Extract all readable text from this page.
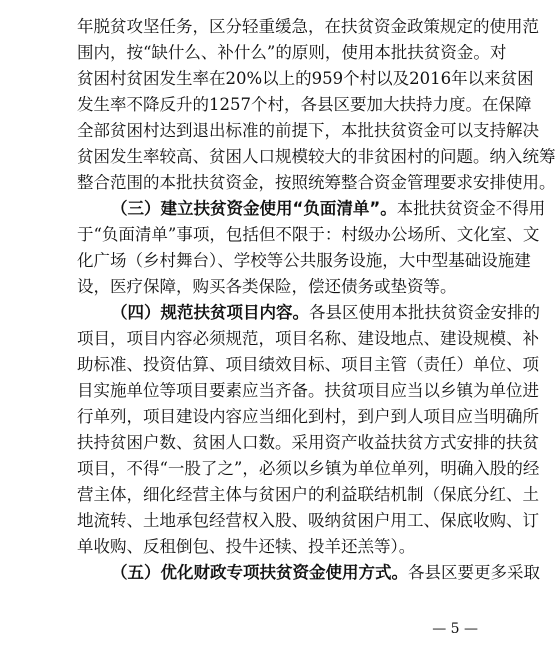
年脱贫攻坚任务，区分轻重缓急，在扶贫资金政策规定的使用范
围内，按“缺什么、补什么”的原则，使用本批扶贫资金。对
贫困村贫困发生率在20%以上的959个村以及2016年以来贫困
发生率不降反升的1257个村，各县区要加大扶持力度。在保障
全部贫困村达到退出标准的前提下，本批扶贫资金可以支持解决
贫困发生率较高、贫困人口规模较大的非贫困村的问题。纳入统筹
整合范围的本批扶贫资金，按照统筹整合资金管理要求安排使用。
（三）建立扶贫资金使用“负面清单”。本批扶贫资金不得用
于“负面清单”事项，包括但不限于：村级办公场所、文化室、文
化广场（乡村舞台）、学校等公共服务设施，大中型基础设施建
设，医疗保障，购买各类保险，偿还债务或垫资等。
（四）规范扶贫项目内容。各县区使用本批扶贫资金安排的
项目，项目内容必须规范，项目名称、建设地点、建设规模、补
助标准、投资估算、项目绩效目标、项目主管（责任）单位、项
目实施单位等项目要素应当齐备。扶贫项目应当以乡镇为单位进
行单列，项目建设内容应当细化到村，到户到人项目应当明确所
扶持贫困户数、贫困人口数。采用资产收益扶贫方式安排的扶贫
项目，不得“一股了之”，必须以乡镇为单位单列，明确入股的经
营主体，细化经营主体与贫困户的利益联结机制（保底分红、土
地流转、土地承包经营权入股、吸纳贫困户用工、保底收购、订
单收购、反租倒包、投牛还犊、投羊还羔等）。
（五）优化财政专项扶贫资金使用方式。各县区要更多采取
— 5 —
